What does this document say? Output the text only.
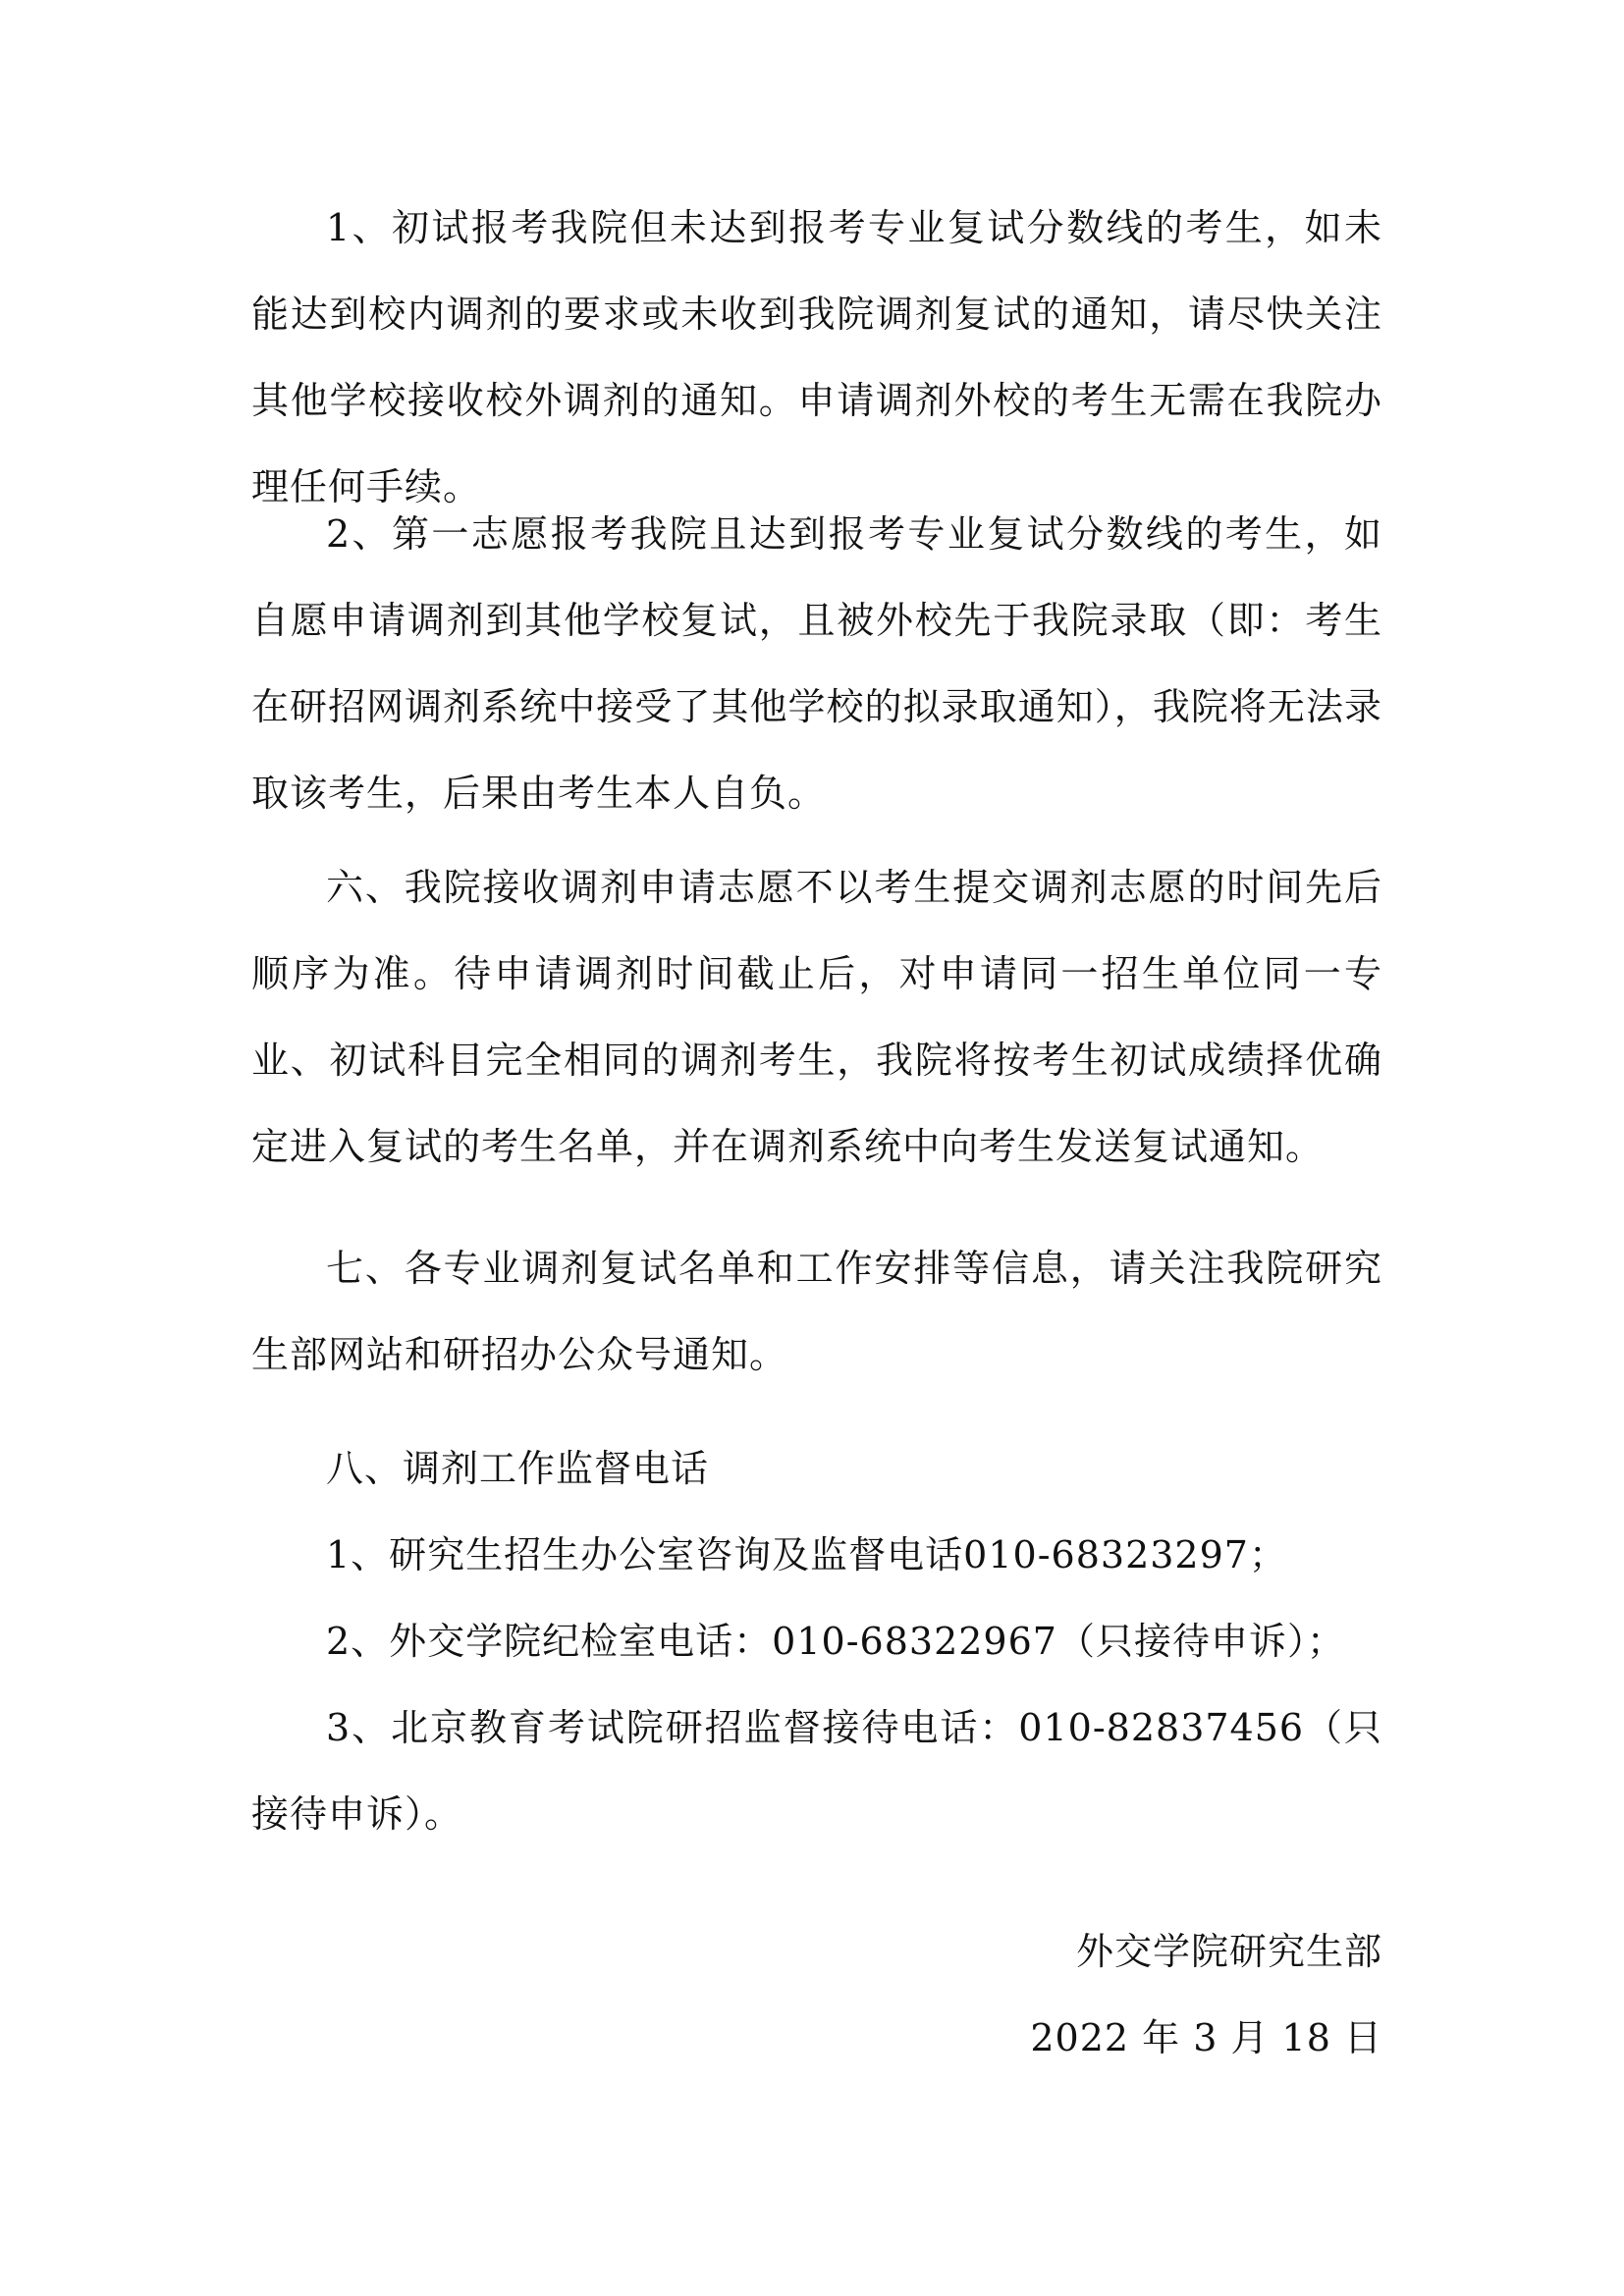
1、初试报考我院但未达到报考专业复试分数线的考生，如未能达到校内调剂的要求或未收到我院调剂复试的通知，请尽快关注其他学校接收校外调剂的通知。申请调剂外校的考生无需在我院办理任何手续。

2、第一志愿报考我院且达到报考专业复试分数线的考生，如自愿申请调剂到其他学校复试，且被外校先于我院录取（即：考生在研招网调剂系统中接受了其他学校的拟录取通知），我院将无法录取该考生，后果由考生本人自负。

六、我院接收调剂申请志愿不以考生提交调剂志愿的时间先后顺序为准。待申请调剂时间截止后，对申请同一招生单位同一专业、初试科目完全相同的调剂考生，我院将按考生初试成绩择优确定进入复试的考生名单，并在调剂系统中向考生发送复试通知。

七、各专业调剂复试名单和工作安排等信息，请关注我院研究生部网站和研招办公众号通知。

八、调剂工作监督电话

1、研究生招生办公室咨询及监督电话010-68323297；

2、外交学院纪检室电话：010-68322967（只接待申诉）；

3、北京教育考试院研招监督接待电话：010-82837456（只接待申诉）。

外交学院研究生部
2022 年 3 月 18 日
